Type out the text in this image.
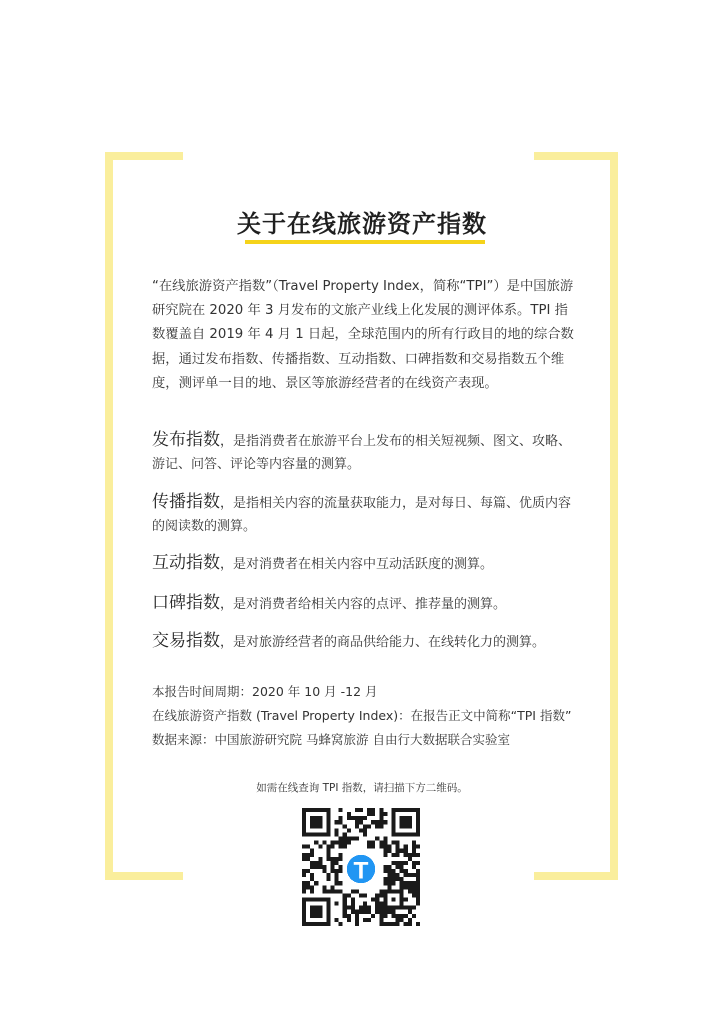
关于在线旅游资产指数

“在线旅游资产指数”（Travel Property Index，简称“TPI”）是中国旅游研究院在 2020 年 3 月发布的文旅产业线上化发展的测评体系。TPI 指数覆盖自 2019 年 4 月 1 日起，全球范围内的所有行政目的地的综合数据，通过发布指数、传播指数、互动指数、口碑指数和交易指数五个维度，测评单一目的地、景区等旅游经营者的在线资产表现。

发布指数，是指消费者在旅游平台上发布的相关短视频、图文、攻略、游记、问答、评论等内容量的测算。

传播指数，是指相关内容的流量获取能力，是对每日、每篇、优质内容的阅读数的测算。

互动指数，是对消费者在相关内容中互动活跃度的测算。

口碑指数，是对消费者给相关内容的点评、推荐量的测算。

交易指数，是对旅游经营者的商品供给能力、在线转化力的测算。

本报告时间周期：2020 年 10 月 -12 月

在线旅游资产指数 (Travel Property Index)：在报告正文中简称“TPI 指数”

数据来源：中国旅游研究院 马蜂窝旅游 自由行大数据联合实验室

如需在线查询 TPI 指数，请扫描下方二维码。
T
